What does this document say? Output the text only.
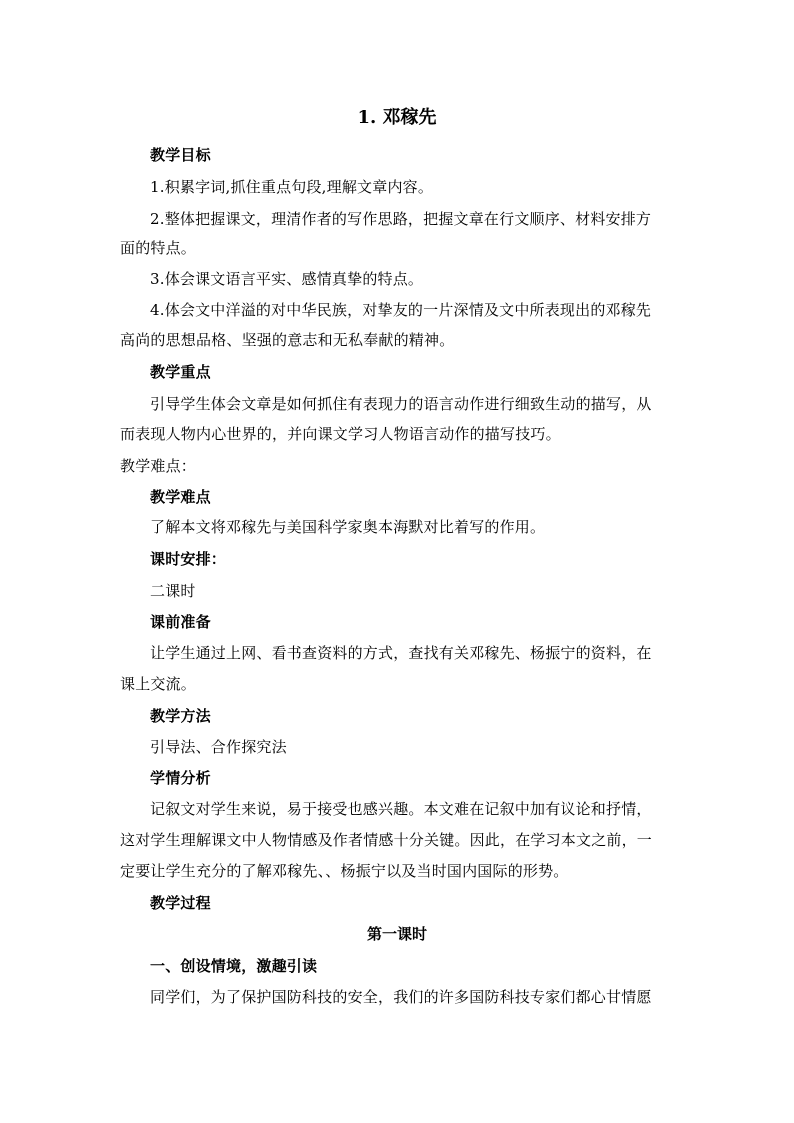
1. 邓稼先
教学目标
1.积累字词,抓住重点句段,理解文章内容。
2.整体把握课文，理清作者的写作思路，把握文章在行文顺序、材料安排方
面的特点。
3.体会课文语言平实、感情真挚的特点。
4.体会文中洋溢的对中华民族，对挚友的一片深情及文中所表现出的邓稼先
高尚的思想品格、坚强的意志和无私奉献的精神。
教学重点
引导学生体会文章是如何抓住有表现力的语言动作进行细致生动的描写，从
而表现人物内心世界的，并向课文学习人物语言动作的描写技巧。
教学难点：
教学难点
了解本文将邓稼先与美国科学家奥本海默对比着写的作用。
课时安排：
二课时
课前准备
让学生通过上网、看书查资料的方式，查找有关邓稼先、杨振宁的资料，在
课上交流。
教学方法
引导法、合作探究法
学情分析
记叙文对学生来说，易于接受也感兴趣。本文难在记叙中加有议论和抒情，
这对学生理解课文中人物情感及作者情感十分关键。因此，在学习本文之前，一
定要让学生充分的了解邓稼先、、杨振宁以及当时国内国际的形势。
教学过程
第一课时
一、创设情境，激趣引读
同学们，为了保护国防科技的安全，我们的许多国防科技专家们都心甘情愿
